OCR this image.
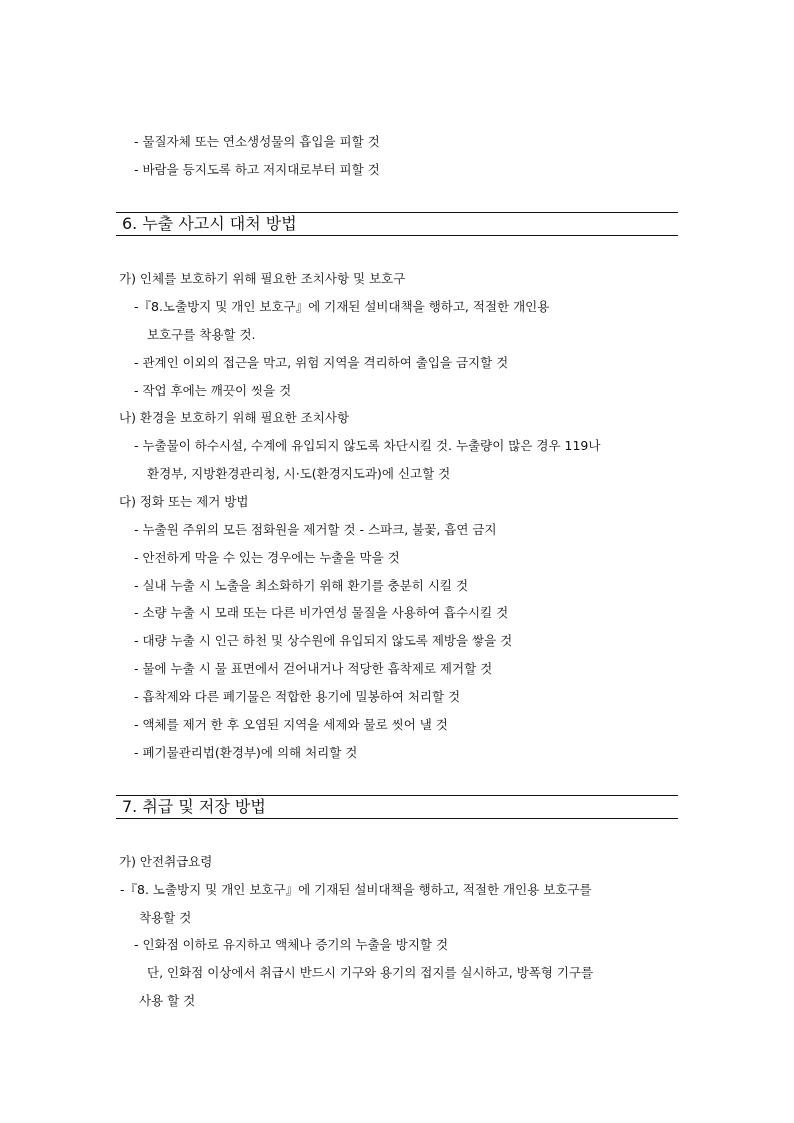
- 물질자체 또는 연소생성물의 흡입을 피할 것
- 바람을 등지도록 하고 저지대로부터 피할 것
6. 누출 사고시 대처 방법
가) 인체를 보호하기 위해 필요한 조치사항 및 보호구
-『8.노출방지 및 개인 보호구』에 기재된 설비대책을 행하고, 적절한 개인용
보호구를 착용할 것.
- 관계인 이외의 접근을 막고, 위험 지역을 격리하여 출입을 금지할 것
- 작업 후에는 깨끗이 씻을 것
나) 환경을 보호하기 위해 필요한 조치사항
- 누출물이 하수시설, 수계에 유입되지 않도록 차단시킬 것. 누출량이 많은 경우 119나
환경부, 지방환경관리청, 시·도(환경지도과)에 신고할 것
다) 정화 또는 제거 방법
- 누출원 주위의 모든 점화원을 제거할 것 - 스파크, 불꽃, 흡연 금지
- 안전하게 막을 수 있는 경우에는 누출을 막을 것
- 실내 누출 시 노출을 최소화하기 위해 환기를 충분히 시킬 것
- 소량 누출 시 모래 또는 다른 비가연성 물질을 사용하여 흡수시킬 것
- 대량 누출 시 인근 하천 및 상수원에 유입되지 않도록 제방을 쌓을 것
- 물에 누출 시 물 표면에서 걷어내거나 적당한 흡착제로 제거할 것
- 흡착제와 다른 폐기물은 적합한 용기에 밀봉하여 처리할 것
- 액체를 제거 한 후 오염된 지역을 세제와 물로 씻어 낼 것
- 폐기물관리법(환경부)에 의해 처리할 것
7. 취급 및 저장 방법
가) 안전취급요령
-『8. 노출방지 및 개인 보호구』에 기재된 설비대책을 행하고, 적절한 개인용 보호구를
착용할 것
- 인화점 이하로 유지하고 액체나 증기의 누출을 방지할 것
단, 인화점 이상에서 취급시 반드시 기구와 용기의 접지를 실시하고, 방폭형 기구를
사용 할 것
